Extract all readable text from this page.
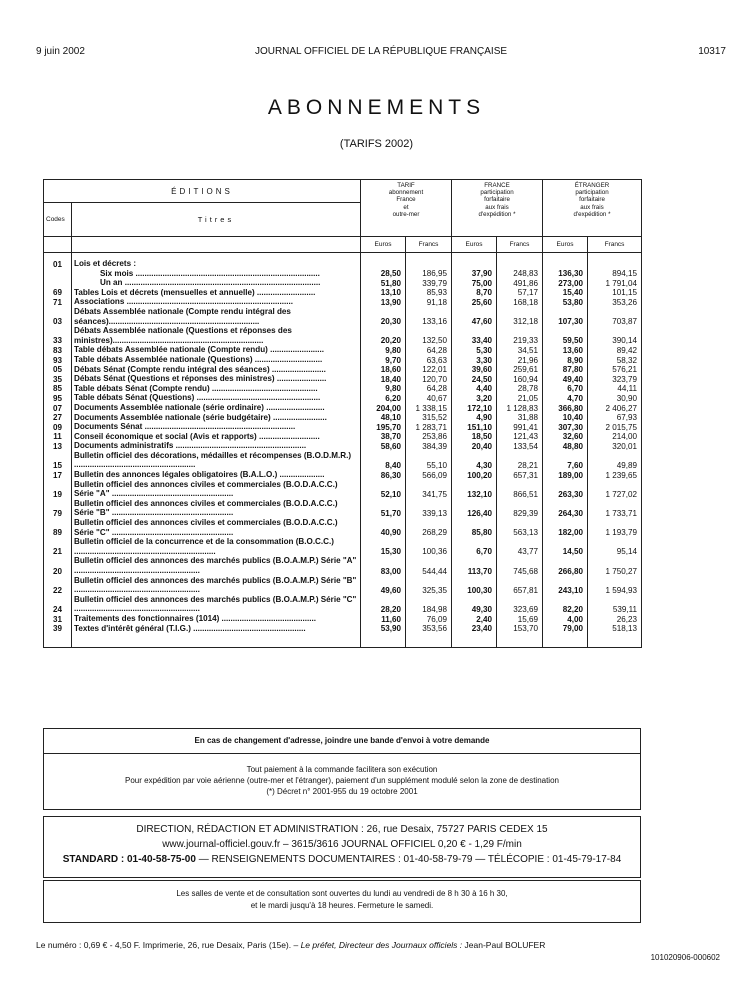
9 juin 2002	JOURNAL OFFICIEL DE LA RÉPUBLIQUE FRANÇAISE	10317
ABONNEMENTS
(TARIFS 2002)
ÉDITIONS		TARIF
abonnement
France
et
outre-mer		FRANCE
participation
forfaitaire
aux frais
d'expédition *		ÉTRANGER
participation
forfaitaire
aux frais
d'expédition *	
Codes	Titres						
		Euros	Francs	Euros	Francs	Euros	Francs
01	Lois et décrets :						
	Six mois ..................................................................................	28,50	186,95	37,90	248,83	136,30	894,15
	Un an .......................................................................................	51,80	339,79	75,00	491,86	273,00	1 791,04
69	Tables Lois et décrets (mensuelles et annuelle) ..........................	13,10	85,93	8,70	57,17	15,40	101,15
71	Associations ..........................................................................	13,90	91,18	25,60	168,18	53,80	353,26
03	Débats Assemblée nationale (Compte rendu intégral des séances)...................................................................	20,30	133,16	47,60	312,18	107,30	703,87
33	Débats Assemblée nationale (Questions et réponses des ministres)...................................................................	20,20	132,50	33,40	219,33	59,50	390,14
83	Table débats Assemblée nationale (Compte rendu) ........................	9,80	64,28	5,30	34,51	13,60	89,42
93	Table débats Assemblée nationale (Questions) ..............................	9,70	63,63	3,30	21,96	8,90	58,32
05	Débats Sénat (Compte rendu intégral des séances) ........................	18,60	122,01	39,60	259,61	87,80	576,21
35	Débats Sénat (Questions et réponses des ministres) ......................	18,40	120,70	24,50	160,94	49,40	323,79
85	Table débats Sénat (Compte rendu) ...............................................	9,80	64,28	4,40	28,78	6,70	44,11
95	Table débats Sénat (Questions) .......................................................	6,20	40,67	3,20	21,05	4,70	30,90
07	Documents Assemblée nationale (série ordinaire) ..........................	204,00	1 338,15	172,10	1 128,83	366,80	2 406,27
27	Documents Assemblée nationale (série budgétaire) ........................	48,10	315,52	4,90	31,88	10,40	67,93
09	Documents Sénat ...................................................................	195,70	1 283,71	151,10	991,41	307,30	2 015,75
11	Conseil économique et social (Avis et rapports) ...........................	38,70	253,86	18,50	121,43	32,60	214,00
13	Documents administratifs ..........................................................	58,60	384,39	20,40	133,54	48,80	320,01
15	Bulletin officiel des décorations, médailles et récompenses (B.O.D.M.R.) ......................................................	8,40	55,10	4,30	28,21	7,60	49,89
17	Bulletin des annonces légales obligatoires (B.A.L.O.) ....................	86,30	566,09	100,20	657,31	189,00	1 239,65
19	Bulletin officiel des annonces civiles et commerciales (B.O.D.A.C.C.) Série "A" ......................................................	52,10	341,75	132,10	866,51	263,30	1 727,02
79	Bulletin officiel des annonces civiles et commerciales (B.O.D.A.C.C.) Série "B" ......................................................	51,70	339,13	126,40	829,39	264,30	1 733,71
89	Bulletin officiel des annonces civiles et commerciales (B.O.D.A.C.C.) Série "C" ......................................................	40,90	268,29	85,80	563,13	182,00	1 193,79
21	Bulletin officiel de la concurrence et de la consommation (B.O.C.C.) ...............................................................	15,30	100,36	6,70	43,77	14,50	95,14
20	Bulletin officiel des annonces des marchés publics (B.O.A.M.P.) Série "A" ........................................................	83,00	544,44	113,70	745,68	266,80	1 750,27
22	Bulletin officiel des annonces des marchés publics (B.O.A.M.P.) Série "B" ........................................................	49,60	325,35	100,30	657,81	243,10	1 594,93
24	Bulletin officiel des annonces des marchés publics (B.O.A.M.P.) Série "C" ........................................................	28,20	184,98	49,30	323,69	82,20	539,11
31	Traitements des fonctionnaires (1014) ..........................................	11,60	76,09	2,40	15,69	4,00	26,23
39	Textes d'intérêt général (T.I.G.) ..................................................	53,90	353,56	23,40	153,70	79,00	518,13
En cas de changement d'adresse, joindre une bande d'envoi à votre demande
Tout paiement à la commande facilitera son exécution
Pour expédition par voie aérienne (outre-mer et l'étranger), paiement d'un supplément modulé selon la zone de destination
(*) Décret n° 2001-955 du 19 octobre 2001
DIRECTION, RÉDACTION ET ADMINISTRATION : 26, rue Desaix, 75727 PARIS CEDEX 15
www.journal-officiel.gouv.fr – 3615/3616 JOURNAL OFFICIEL 0,20 € - 1,29 F/min
STANDARD : 01-40-58-75-00 — RENSEIGNEMENTS DOCUMENTAIRES : 01-40-58-79-79 — TÉLÉCOPIE : 01-45-79-17-84
Les salles de vente et de consultation sont ouvertes du lundi au vendredi de 8 h 30 à 16 h 30,
et le mardi jusqu'à 18 heures. Fermeture le samedi.
Le numéro : 0,69 € - 4,50 F. Imprimerie, 26, rue Desaix, Paris (15e). – Le préfet, Directeur des Journaux officiels : Jean-Paul BOLUFER
101020906-000602
